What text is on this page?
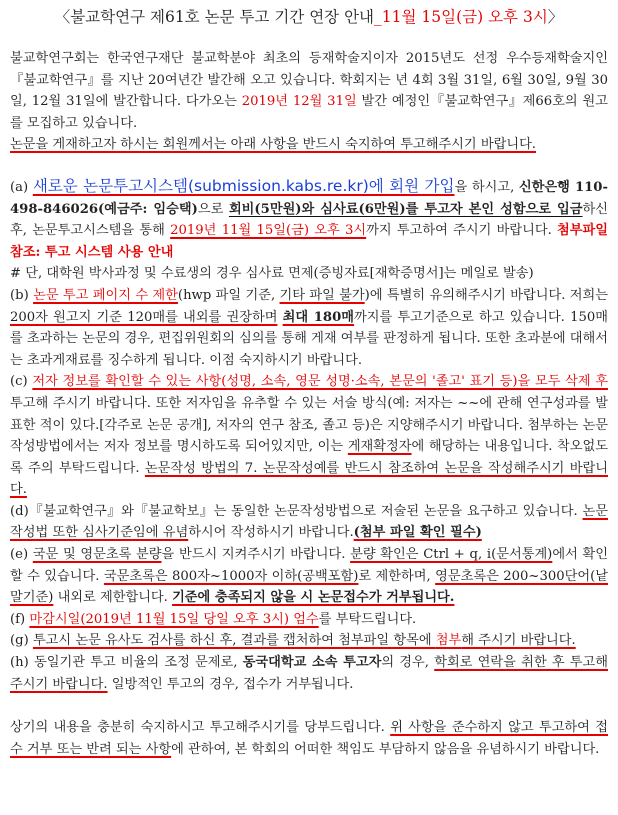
〈불교학연구 제61호 논문 투고 기간 연장 안내_11월 15일(금) 오후 3시〉

불교학연구회는 한국연구재단 불교학분야 최초의 등재학술지이자 2015년도 선정 우수등재학술지인『불교학연구』를 지난 20여년간 발간해 오고 있습니다. 학회지는 년 4회 3월 31일, 6월 30일, 9월 30일, 12월 31일에 발간합니다. 다가오는 2019년 12월 31일 발간 예정인『불교학연구』제66호의 원고를 모집하고 있습니다.

논문을 게재하고자 하시는 회원께서는 아래 사항을 반드시 숙지하여 투고해주시기 바랍니다.

(a) 새로운 논문투고시스템(submission.kabs.re.kr)에 회원 가입을 하시고, 신한은행 110-498-846026(예금주: 임승택)으로 회비(5만원)와 심사료(6만원)를 투고자 본인 성함으로 입금하신 후, 논문투고시스템을 통해 2019년 11월 15일(금) 오후 3시까지 투고하여 주시기 바랍니다. 첨부파일 참조: 투고 시스템 사용 안내

# 단, 대학원 박사과정 및 수료생의 경우 심사료 면제(증빙자료[재학증명서]는 메일로 발송)

(b) 논문 투고 페이지 수 제한(hwp 파일 기준, 기타 파일 불가)에 특별히 유의해주시기 바랍니다. 저희는 200자 원고지 기준 120매를 내외를 권장하며 최대 180매까지를 투고기준으로 하고 있습니다. 150매를 초과하는 논문의 경우, 편집위원회의 심의를 통해 게재 여부를 판정하게 됩니다. 또한 초과분에 대해서는 초과게재료를 징수하게 됩니다. 이점 숙지하시기 바랍니다.

(c) 저자 정보를 확인할 수 있는 사항(성명, 소속, 영문 성명·소속, 본문의 '졸고' 표기 등)을 모두 삭제 후 투고해 주시기 바랍니다. 또한 저자임을 유추할 수 있는 서술 방식(예: 저자는 ~~에 관해 연구성과를 발표한 적이 있다.[각주로 논문 공개], 저자의 연구 참조, 졸고 등)은 지양해주시기 바랍니다. 첨부하는 논문작성방법에서는 저자 정보를 명시하도록 되어있지만, 이는 게재확정자에 해당하는 내용입니다. 착오없도록 주의 부탁드립니다. 논문작성 방법의 7. 논문작성예를 반드시 참조하여 논문을 작성해주시기 바랍니다.

(d)『불교학연구』와『불교학보』는 동일한 논문작성방법으로 저술된 논문을 요구하고 있습니다. 논문작성법 또한 심사기준임에 유념하시어 작성하시기 바랍니다.(첨부 파일 확인 필수)

(e) 국문 및 영문초록 분량을 반드시 지켜주시기 바랍니다. 분량 확인은 Ctrl + q, i(문서통계)에서 확인할 수 있습니다. 국문초록은 800자~1000자 이하(공백포함)로 제한하며, 영문초록은 200~300단어(낱말기준) 내외로 제한합니다. 기준에 충족되지 않을 시 논문접수가 거부됩니다.

(f) 마감시일(2019년 11월 15일 당일 오후 3시) 엄수를 부탁드립니다.

(g) 투고시 논문 유사도 검사를 하신 후, 결과를 캡처하여 첨부파일 항목에 첨부해 주시기 바랍니다.

(h) 동일기관 투고 비율의 조정 문제로, 동국대학교 소속 투고자의 경우, 학회로 연락을 취한 후 투고해 주시기 바랍니다. 일방적인 투고의 경우, 접수가 거부됩니다.

상기의 내용을 충분히 숙지하시고 투고해주시기를 당부드립니다. 위 사항을 준수하지 않고 투고하여 접수 거부 또는 반려 되는 사항에 관하여, 본 학회의 어떠한 책임도 부담하지 않음을 유념하시기 바랍니다.
